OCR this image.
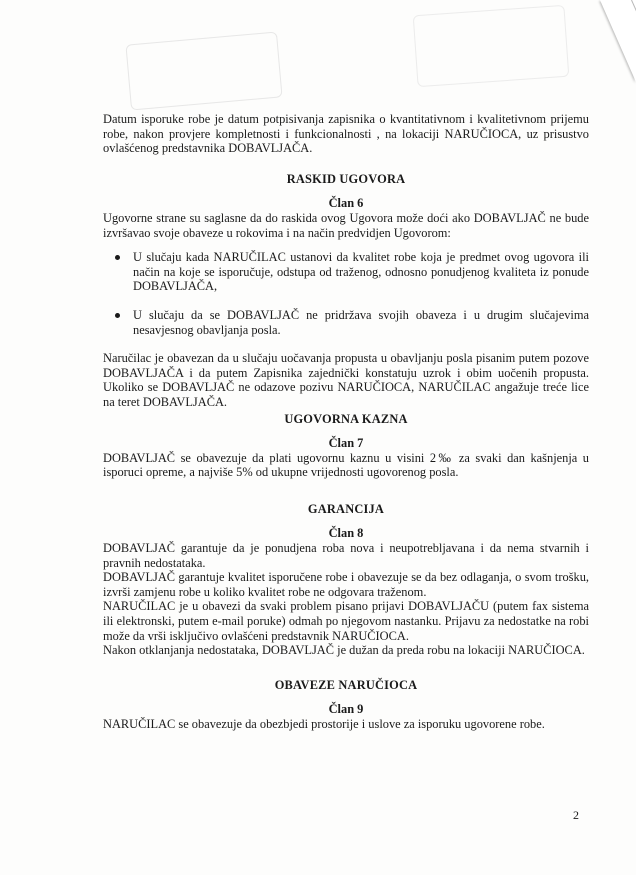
Datum isporuke robe je datum potpisivanja zapisnika o kvantitativnom i kvalitetivnom prijemu robe, nakon provjere kompletnosti i funkcionalnosti , na lokaciji NARUČIOCA, uz prisustvo ovlašćenog predstavnika DOBAVLJAČA.

RASKID UGOVORA
Član 6

Ugovorne strane su saglasne da do raskida ovog Ugovora može doći ako DOBAVLJAČ ne bude izvršavao svoje obaveze u rokovima i na način predvidjen Ugovorom:

U slučaju kada NARUČILAC ustanovi da kvalitet robe koja je predmet ovog ugovora ili način na koje se isporučuje, odstupa od traženog, odnosno ponudjenog kvaliteta iz ponude DOBAVLJAČA,
U slučaju da se DOBAVLJAČ ne pridržava svojih obaveza i u drugim slučajevima nesavjesnog obavljanja posla.

Naručilac je obavezan da u slučaju uočavanja propusta u obavljanju posla pisanim putem pozove DOBAVLJAČA i da putem Zapisnika zajednički konstatuju uzrok i obim uočenih propusta. Ukoliko se DOBAVLJAČ ne odazove pozivu NARUČIOCA, NARUČILAC angažuje treće lice na teret DOBAVLJAČA.

UGOVORNA KAZNA
Član 7

DOBAVLJAČ se obavezuje da plati ugovornu kaznu u visini 2‰ za svaki dan kašnjenja u isporuci opreme, a najviše 5% od ukupne vrijednosti ugovorenog posla.

GARANCIJA
Član 8

DOBAVLJAČ garantuje da je ponudjena roba nova i neupotrebljavana i da nema stvarnih i pravnih nedostataka.

DOBAVLJAČ garantuje kvalitet isporučene robe i obavezuje se da bez odlaganja, o svom trošku, izvrši zamjenu robe u koliko kvalitet robe ne odgovara traženom.

NARUČILAC je u obavezi da svaki problem pisano prijavi DOBAVLJAČU (putem fax sistema ili elektronski, putem e-mail poruke) odmah po njegovom nastanku. Prijavu za nedostatke na robi može da vrši isključivo ovlašćeni predstavnik NARUČIOCA.

Nakon otklanjanja nedostataka, DOBAVLJAČ je dužan da preda robu na lokaciji NARUČIOCA.

OBAVEZE NARUČIOCA
Član 9

NARUČILAC se obavezuje da obezbjedi prostorije i uslove za isporuku ugovorene robe.

2
